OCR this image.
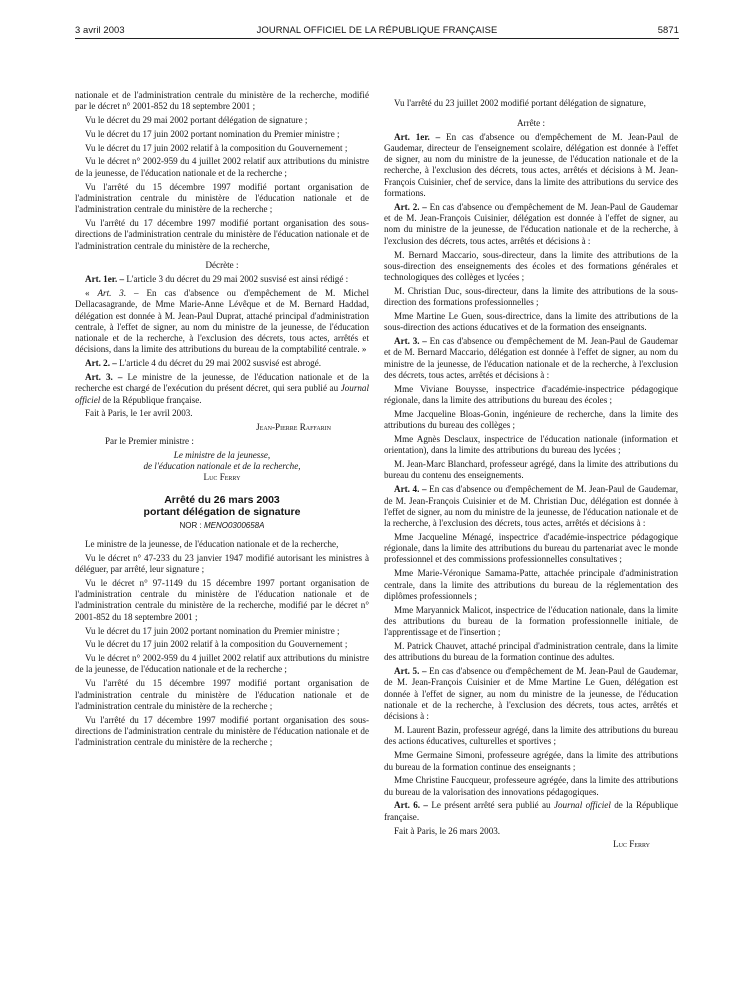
3 avril 2003	JOURNAL OFFICIEL DE LA RÉPUBLIQUE FRANÇAISE	5871

nationale et de l'administration centrale du ministère de la recherche, modifié par le décret n° 2001-852 du 18 septembre 2001 ;

Vu le décret du 29 mai 2002 portant délégation de signature ;

Vu le décret du 17 juin 2002 portant nomination du Premier ministre ;

Vu le décret du 17 juin 2002 relatif à la composition du Gouvernement ;

Vu le décret n° 2002-959 du 4 juillet 2002 relatif aux attributions du ministre de la jeunesse, de l'éducation nationale et de la recherche ;

Vu l'arrêté du 15 décembre 1997 modifié portant organisation de l'administration centrale du ministère de l'éducation nationale et de l'administration centrale du ministère de la recherche ;

Vu l'arrêté du 17 décembre 1997 modifié portant organisation des sous-directions de l'administration centrale du ministère de l'éducation nationale et de l'administration centrale du ministère de la recherche,

Décrète :

Art. 1er. – L'article 3 du décret du 29 mai 2002 susvisé est ainsi rédigé :

« Art. 3. – En cas d'absence ou d'empêchement de M. Michel Dellacasagrande, de Mme Marie-Anne Lévêque et de M. Bernard Haddad, délégation est donnée à M. Jean-Paul Duprat, attaché principal d'administration centrale, à l'effet de signer, au nom du ministre de la jeunesse, de l'éducation nationale et de la recherche, à l'exclusion des décrets, tous actes, arrêtés et décisions, dans la limite des attributions du bureau de la comptabilité centrale. »

Art. 2. – L'article 4 du décret du 29 mai 2002 susvisé est abrogé.

Art. 3. – Le ministre de la jeunesse, de l'éducation nationale et de la recherche est chargé de l'exécution du présent décret, qui sera publié au Journal officiel de la République française.

Fait à Paris, le 1er avril 2003.

Jean-Pierre Raffarin

Par le Premier ministre :

Le ministre de la jeunesse,

de l'éducation nationale et de la recherche,

Luc Ferry

Arrêté du 26 mars 2003
portant délégation de signature
NOR : MENO0300658A

Le ministre de la jeunesse, de l'éducation nationale et de la recherche,

Vu le décret n° 47-233 du 23 janvier 1947 modifié autorisant les ministres à déléguer, par arrêté, leur signature ;

Vu le décret n° 97-1149 du 15 décembre 1997 portant organisation de l'administration centrale du ministère de l'éducation nationale et de l'administration centrale du ministère de la recherche, modifié par le décret n° 2001-852 du 18 septembre 2001 ;

Vu le décret du 17 juin 2002 portant nomination du Premier ministre ;

Vu le décret du 17 juin 2002 relatif à la composition du Gouvernement ;

Vu le décret n° 2002-959 du 4 juillet 2002 relatif aux attributions du ministre de la jeunesse, de l'éducation nationale et de la recherche ;

Vu l'arrêté du 15 décembre 1997 modifié portant organisation de l'administration centrale du ministère de l'éducation nationale et de l'administration centrale du ministère de la recherche ;

Vu l'arrêté du 17 décembre 1997 modifié portant organisation des sous-directions de l'administration centrale du ministère de l'éducation nationale et de l'administration centrale du ministère de la recherche ;

Vu l'arrêté du 23 juillet 2002 modifié portant délégation de signature,

Arrête :

Art. 1er. – En cas d'absence ou d'empêchement de M. Jean-Paul de Gaudemar, directeur de l'enseignement scolaire, délégation est donnée à l'effet de signer, au nom du ministre de la jeunesse, de l'éducation nationale et de la recherche, à l'exclusion des décrets, tous actes, arrêtés et décisions à M. Jean-François Cuisinier, chef de service, dans la limite des attributions du service des formations.

Art. 2. – En cas d'absence ou d'empêchement de M. Jean-Paul de Gaudemar et de M. Jean-François Cuisinier, délégation est donnée à l'effet de signer, au nom du ministre de la jeunesse, de l'éducation nationale et de la recherche, à l'exclusion des décrets, tous actes, arrêtés et décisions à :

M. Bernard Maccario, sous-directeur, dans la limite des attributions de la sous-direction des enseignements des écoles et des formations générales et technologiques des collèges et lycées ;

M. Christian Duc, sous-directeur, dans la limite des attributions de la sous-direction des formations professionnelles ;

Mme Martine Le Guen, sous-directrice, dans la limite des attributions de la sous-direction des actions éducatives et de la formation des enseignants.

Art. 3. – En cas d'absence ou d'empêchement de M. Jean-Paul de Gaudemar et de M. Bernard Maccario, délégation est donnée à l'effet de signer, au nom du ministre de la jeunesse, de l'éducation nationale et de la recherche, à l'exclusion des décrets, tous actes, arrêtés et décisions à :

Mme Viviane Bouysse, inspectrice d'académie-inspectrice pédagogique régionale, dans la limite des attributions du bureau des écoles ;

Mme Jacqueline Bloas-Gonin, ingénieure de recherche, dans la limite des attributions du bureau des collèges ;

Mme Agnès Desclaux, inspectrice de l'éducation nationale (information et orientation), dans la limite des attributions du bureau des lycées ;

M. Jean-Marc Blanchard, professeur agrégé, dans la limite des attributions du bureau du contenu des enseignements.

Art. 4. – En cas d'absence ou d'empêchement de M. Jean-Paul de Gaudemar, de M. Jean-François Cuisinier et de M. Christian Duc, délégation est donnée à l'effet de signer, au nom du ministre de la jeunesse, de l'éducation nationale et de la recherche, à l'exclusion des décrets, tous actes, arrêtés et décisions à :

Mme Jacqueline Ménagé, inspectrice d'académie-inspectrice pédagogique régionale, dans la limite des attributions du bureau du partenariat avec le monde professionnel et des commissions professionnelles consultatives ;

Mme Marie-Véronique Samama-Patte, attachée principale d'administration centrale, dans la limite des attributions du bureau de la réglementation des diplômes professionnels ;

Mme Maryannick Malicot, inspectrice de l'éducation nationale, dans la limite des attributions du bureau de la formation professionnelle initiale, de l'apprentissage et de l'insertion ;

M. Patrick Chauvet, attaché principal d'administration centrale, dans la limite des attributions du bureau de la formation continue des adultes.

Art. 5. – En cas d'absence ou d'empêchement de M. Jean-Paul de Gaudemar, de M. Jean-François Cuisinier et de Mme Martine Le Guen, délégation est donnée à l'effet de signer, au nom du ministre de la jeunesse, de l'éducation nationale et de la recherche, à l'exclusion des décrets, tous actes, arrêtés et décisions à :

M. Laurent Bazin, professeur agrégé, dans la limite des attributions du bureau des actions éducatives, culturelles et sportives ;

Mme Germaine Simoni, professeure agrégée, dans la limite des attributions du bureau de la formation continue des enseignants ;

Mme Christine Faucqueur, professeure agrégée, dans la limite des attributions du bureau de la valorisation des innovations pédagogiques.

Art. 6. – Le présent arrêté sera publié au Journal officiel de la République française.

Fait à Paris, le 26 mars 2003.

Luc Ferry
